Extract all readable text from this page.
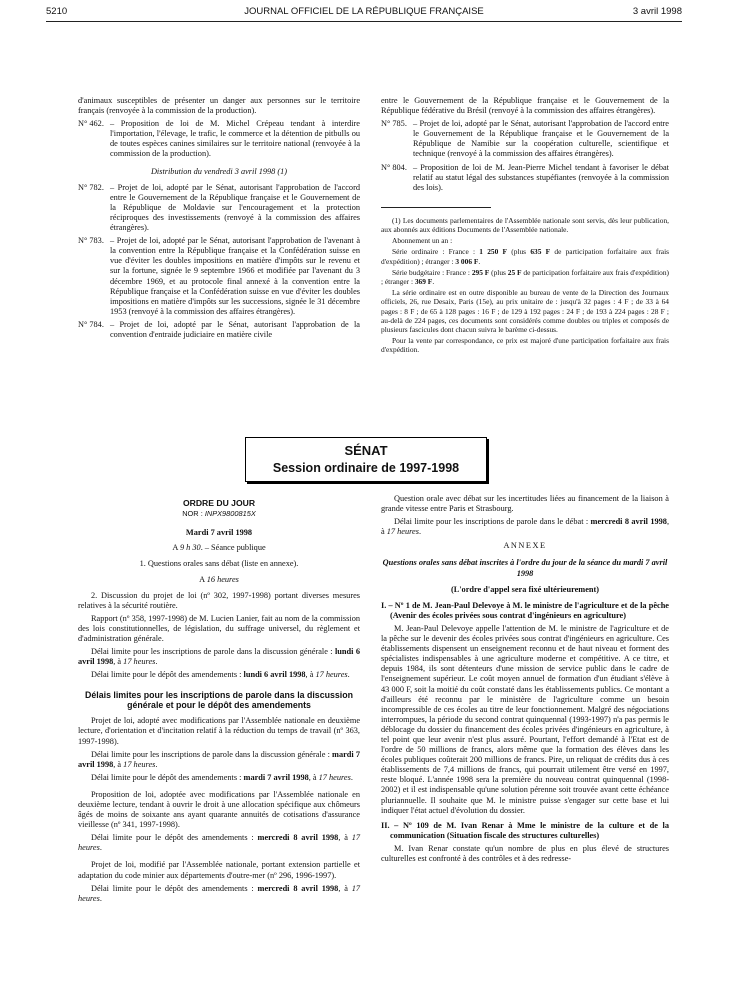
5210	JOURNAL OFFICIEL DE LA RÉPUBLIQUE FRANÇAISE	3 avril 1998

d'animaux susceptibles de présenter un danger aux personnes sur le territoire français (renvoyée à la commission de la production).

N° 462. – Proposition de loi de M. Michel Crépeau tendant à interdire l'importation, l'élevage, le trafic, le commerce et la détention de pitbulls ou de toutes espèces canines similaires sur le territoire national (renvoyée à la commission de la production).
Distribution du vendredi 3 avril 1998 (1)
N° 782. – Projet de loi, adopté par le Sénat, autorisant l'approbation de l'accord entre le Gouvernement de la République française et le Gouvernement de la République de Moldavie sur l'encouragement et la protection réciproques des investissements (renvoyé à la commission des affaires étrangères).
N° 783. – Projet de loi, adopté par le Sénat, autorisant l'approbation de l'avenant à la convention entre la République française et la Confédération suisse en vue d'éviter les doubles impositions en matière d'impôts sur le revenu et sur la fortune, signée le 9 septembre 1966 et modifiée par l'avenant du 3 décembre 1969, et au protocole final annexé à la convention entre la République française et la Confédération suisse en vue d'éviter les doubles impositions en matière d'impôts sur les successions, signée le 31 décembre 1953 (renvoyé à la commission des affaires étrangères).
N° 784. – Projet de loi, adopté par le Sénat, autorisant l'approbation de la convention d'entraide judiciaire en matière civile

entre le Gouvernement de la République française et le Gouvernement de la République fédérative du Brésil (renvoyé à la commission des affaires étrangères).

N° 785. – Projet de loi, adopté par le Sénat, autorisant l'approbation de l'accord entre le Gouvernement de la République française et le Gouvernement de la République de Namibie sur la coopération culturelle, scientifique et technique (renvoyé à la commission des affaires étrangères).
N° 804. – Proposition de loi de M. Jean-Pierre Michel tendant à favoriser le débat relatif au statut légal des substances stupéfiantes (renvoyée à la commission des lois).

(1) Les documents parlementaires de l'Assemblée nationale sont servis, dès leur publication, aux abonnés aux éditions Documents de l'Assemblée nationale.

Abonnement un an :

Série ordinaire : France : 1 250 F (plus 635 F de participation forfaitaire aux frais d'expédition) ; étranger : 3 006 F.

Série budgétaire : France : 295 F (plus 25 F de participation forfaitaire aux frais d'expédition) ; étranger : 369 F.

La série ordinaire est en outre disponible au bureau de vente de la Direction des Journaux officiels, 26, rue Desaix, Paris (15e), au prix unitaire de : jusqu'à 32 pages : 4 F ; de 33 à 64 pages : 8 F ; de 65 à 128 pages : 16 F ; de 129 à 192 pages : 24 F ; de 193 à 224 pages : 28 F ; au-delà de 224 pages, ces documents sont considérés comme doubles ou triples et composés de plusieurs fascicules dont chacun suivra le barème ci-dessus.

Pour la vente par correspondance, ce prix est majoré d'une participation forfaitaire aux frais d'expédition.

SÉNAT
Session ordinaire de 1997-1998
ORDRE DU JOUR
NOR : INPX9800815X
Mardi 7 avril 1998
A 9 h 30. – Séance publique

1. Questions orales sans débat (liste en annexe).

A 16 heures

2. Discussion du projet de loi (nº 302, 1997-1998) portant diverses mesures relatives à la sécurité routière.

Rapport (nº 358, 1997-1998) de M. Lucien Lanier, fait au nom de la commission des lois constitutionnelles, de législation, du suffrage universel, du règlement et d'administration générale.

Délai limite pour les inscriptions de parole dans la discussion générale : lundi 6 avril 1998, à 17 heures.

Délai limite pour le dépôt des amendements : lundi 6 avril 1998, à 17 heures.

Délais limites pour les inscriptions de parole dans la discussion générale et pour le dépôt des amendements

Projet de loi, adopté avec modifications par l'Assemblée nationale en deuxième lecture, d'orientation et d'incitation relatif à la réduction du temps de travail (nº 363, 1997-1998).

Délai limite pour les inscriptions de parole dans la discussion générale : mardi 7 avril 1998, à 17 heures.

Délai limite pour le dépôt des amendements : mardi 7 avril 1998, à 17 heures.

Proposition de loi, adoptée avec modifications par l'Assemblée nationale en deuxième lecture, tendant à ouvrir le droit à une allocation spécifique aux chômeurs âgés de moins de soixante ans ayant quarante annuités de cotisations d'assurance vieillesse (nº 341, 1997-1998).

Délai limite pour le dépôt des amendements : mercredi 8 avril 1998, à 17 heures.

Projet de loi, modifié par l'Assemblée nationale, portant extension partielle et adaptation du code minier aux départements d'outre-mer (nº 296, 1996-1997).

Délai limite pour le dépôt des amendements : mercredi 8 avril 1998, à 17 heures.

Question orale avec débat sur les incertitudes liées au financement de la liaison à grande vitesse entre Paris et Strasbourg.

Délai limite pour les inscriptions de parole dans le débat : mercredi 8 avril 1998, à 17 heures.

ANNEXE
Questions orales sans débat inscrites à l'ordre du jour de la séance du mardi 7 avril 1998
(L'ordre d'appel sera fixé ultérieurement)

I. – Nº 1 de M. Jean-Paul Delevoye à M. le ministre de l'agriculture et de la pêche (Avenir des écoles privées sous contrat d'ingénieurs en agriculture)

M. Jean-Paul Delevoye appelle l'attention de M. le ministre de l'agriculture et de la pêche sur le devenir des écoles privées sous contrat d'ingénieurs en agriculture. Ces établissements dispensent un enseignement reconnu et de haut niveau et forment des spécialistes indispensables à une agriculture moderne et compétitive. A ce titre, et depuis 1984, ils sont détenteurs d'une mission de service public dans le cadre de l'enseignement supérieur. Le coût moyen annuel de formation d'un étudiant s'élève à 43 000 F, soit la moitié du coût constaté dans les établissements publics. Ce montant a d'ailleurs été reconnu par le ministère de l'agriculture comme un besoin incompressible de ces écoles au titre de leur fonctionnement. Malgré des négociations interrompues, la période du second contrat quinquennal (1993-1997) n'a pas permis le déblocage du dossier du financement des écoles privées d'ingénieurs en agriculture, à tel point que leur avenir n'est plus assuré. Pourtant, l'effort demandé à l'Etat est de l'ordre de 50 millions de francs, alors même que la formation des élèves dans les écoles publiques coûterait 200 millions de francs. Pire, un reliquat de crédits dus à ces établissements de 7,4 millions de francs, qui pourrait utilement être versé en 1997, reste bloqué. L'année 1998 sera la première du nouveau contrat quinquennal (1998-2002) et il est indispensable qu'une solution pérenne soit trouvée avant cette échéance pluriannuelle. Il souhaite que M. le ministre puisse s'engager sur cette base et lui indiquer l'état actuel d'évolution du dossier.

II. – Nº 109 de M. Ivan Renar à Mme le ministre de la culture et de la communication (Situation fiscale des structures culturelles)

M. Ivan Renar constate qu'un nombre de plus en plus élevé de structures culturelles est confronté à des contrôles et à des redresse-
